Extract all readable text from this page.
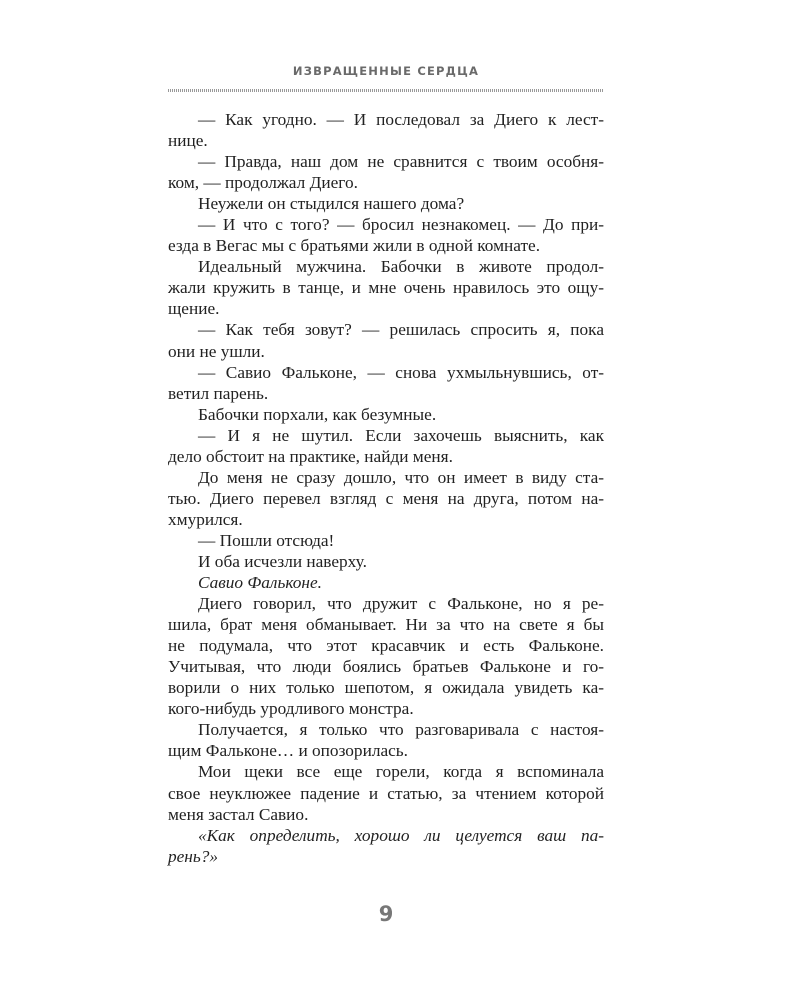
ИЗВРАЩЕННЫЕ СЕРДЦА
— Как угодно. — И последовал за Диего к лест-
нице.
— Правда, наш дом не сравнится с твоим особня-
ком, — продолжал Диего.
Неужели он стыдился нашего дома?
— И что с того? — бросил незнакомец. — До при-
езда в Вегас мы с братьями жили в одной комнате.
Идеальный мужчина. Бабочки в животе продол-
жали кружить в танце, и мне очень нравилось это ощу-
щение.
— Как тебя зовут? — решилась спросить я, пока
они не ушли.
— Савио Фальконе, — снова ухмыльнувшись, от-
ветил парень.
Бабочки порхали, как безумные.
— И я не шутил. Если захочешь выяснить, как
дело обстоит на практике, найди меня.
До меня не сразу дошло, что он имеет в виду ста-
тью. Диего перевел взгляд с меня на друга, потом на-
хмурился.
— Пошли отсюда!
И оба исчезли наверху.
Савио Фальконе.
Диего говорил, что дружит с Фальконе, но я ре-
шила, брат меня обманывает. Ни за что на свете я бы
не подумала, что этот красавчик и есть Фальконе.
Учитывая, что люди боялись братьев Фальконе и го-
ворили о них только шепотом, я ожидала увидеть ка-
кого-нибудь уродливого монстра.
Получается, я только что разговаривала с настоя-
щим Фальконе… и опозорилась.
Мои щеки все еще горели, когда я вспоминала
свое неуклюжее падение и статью, за чтением которой
меня застал Савио.
«Как определить, хорошо ли целуется ваш па-
рень?»
9
